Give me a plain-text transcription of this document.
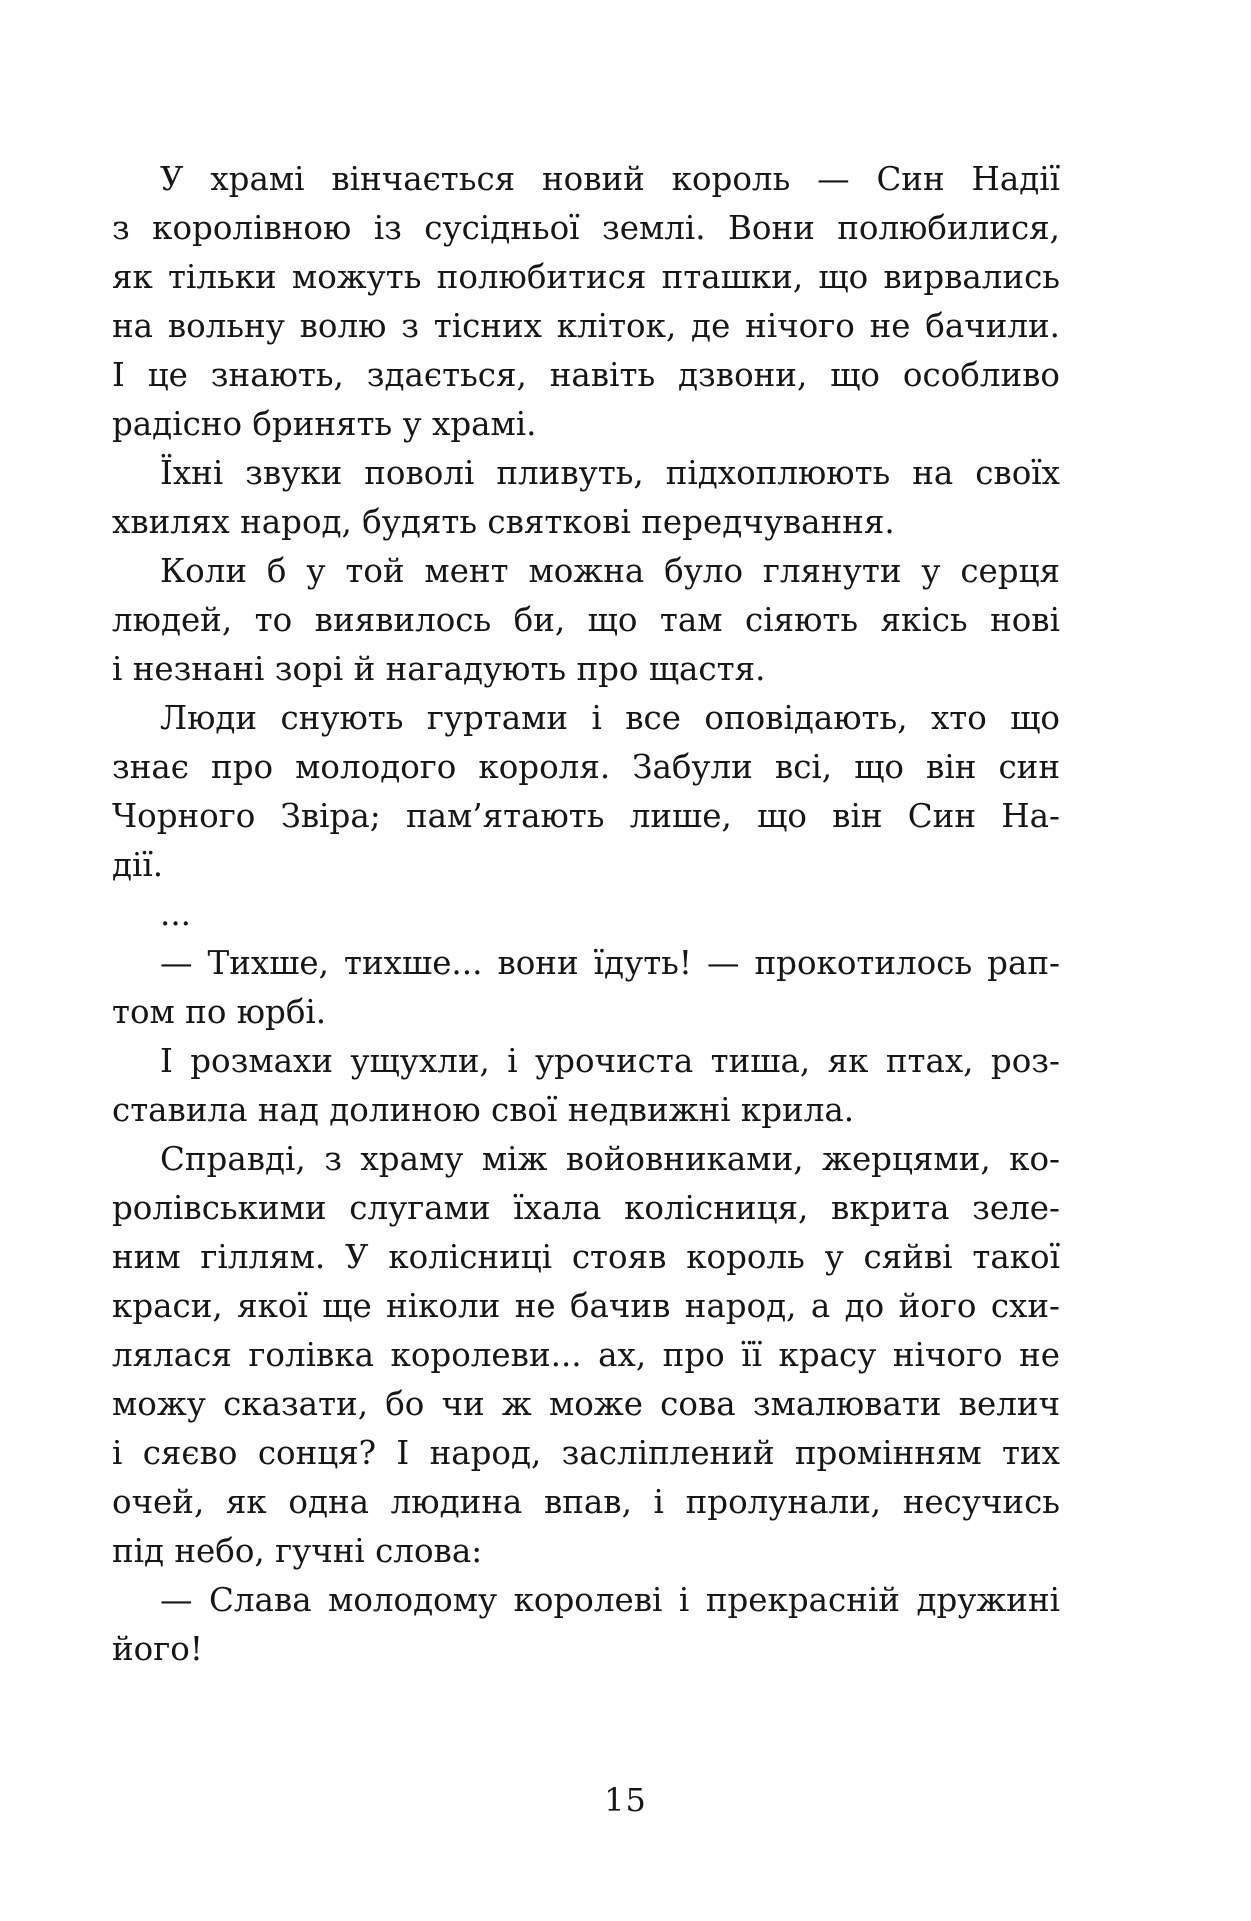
У храмі вінчається новий король — Син Надії
з королівною із сусідньої землі. Вони полюбилися,
як тільки можуть полюбитися пташки, що вирвались
на вольну волю з тісних кліток, де нічого не бачили.
І це знають, здається, навіть дзвони, що особливо
радісно бринять у храмі.
Їхні звуки поволі пливуть, підхоплюють на своїх
хвилях народ, будять святкові передчування.
Коли б у той мент можна було глянути у серця
людей, то виявилось би, що там сіяють якісь нові
і незнані зорі й нагадують про щастя.
Люди снують гуртами і все оповідають, хто що
знає про молодого короля. Забули всі, що він син
Чорного Звіра; пам’ятають лише, що він Син На-
дії.
...
— Тихше, тихше... вони їдуть! — прокотилось рап-
том по юрбі.
І розмахи ущухли, і урочиста тиша, як птах, роз-
ставила над долиною свої недвижні крила.
Справді, з храму між войовниками, жерцями, ко-
ролівськими слугами їхала колісниця, вкрита зеле-
ним гіллям. У колісниці стояв король у сяйві такої
краси, якої ще ніколи не бачив народ, а до його схи-
лялася голівка королеви... ах, про її красу нічого не
можу сказати, бо чи ж може сова змалювати велич
і сяєво сонця? І народ, засліплений промінням тих
очей, як одна людина впав, і пролунали, несучись
під небо, гучні слова:
— Слава молодому королеві і прекрасній дружині
його!
15
